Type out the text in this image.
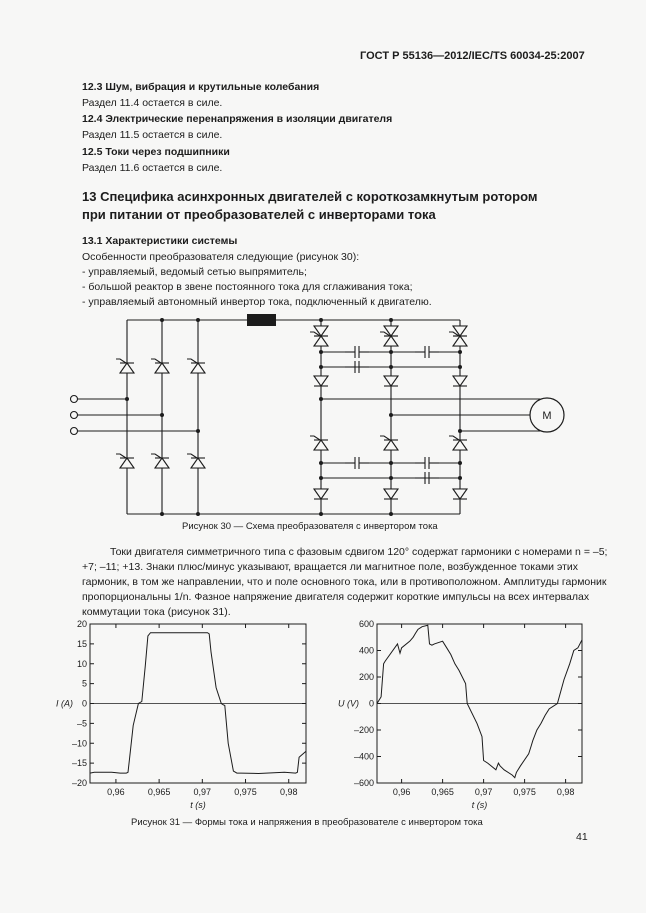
ГОСТ Р 55136—2012/IEC/TS 60034-25:2007
12.3 Шум, вибрация и крутильные колебания
Раздел 11.4 остается в силе.
12.4 Электрические перенапряжения в изоляции двигателя
Раздел 11.5 остается в силе.
12.5 Токи через подшипники
Раздел 11.6 остается в силе.
13 Специфика асинхронных двигателей с короткозамкнутым ротором
при питании от преобразователей с инверторами тока
13.1 Характеристики системы
Особенности преобразователя следующие (рисунок 30):
- управляемый, ведомый сетью выпрямитель;
- большой реактор в звене постоянного тока для сглаживания тока;
- управляемый автономный инвертор тока, подключенный к двигателю.
M
Рисунок 30 — Схема преобразователя с инвертором тока
Токи двигателя симметричного типа с фазовым сдвигом 120° содержат гармоники с номерами n = –5;
+7; –11; +13. Знаки плюс/минус указывают, вращается ли магнитное поле, возбужденное токами этих
гармоник, в том же направлении, что и поле основного тока, или в противоположном. Амплитуды гармоник
пропорциональны 1/n. Фазное напряжение двигателя содержит короткие импульсы на всех интервалах
коммутации тока (рисунок 31).
0,96	0,965	0,97	0,975	0,98
20
15
10
5
0
–5
–10
–15
–20
t (s)
I (A)
0,96 0,965 0,97 0,975 0,98
600
400
200
0
–200
–400
–600
t (s)
U (V)
Рисунок 31 — Формы тока и напряжения в преобразователе с инвертором тока
41
